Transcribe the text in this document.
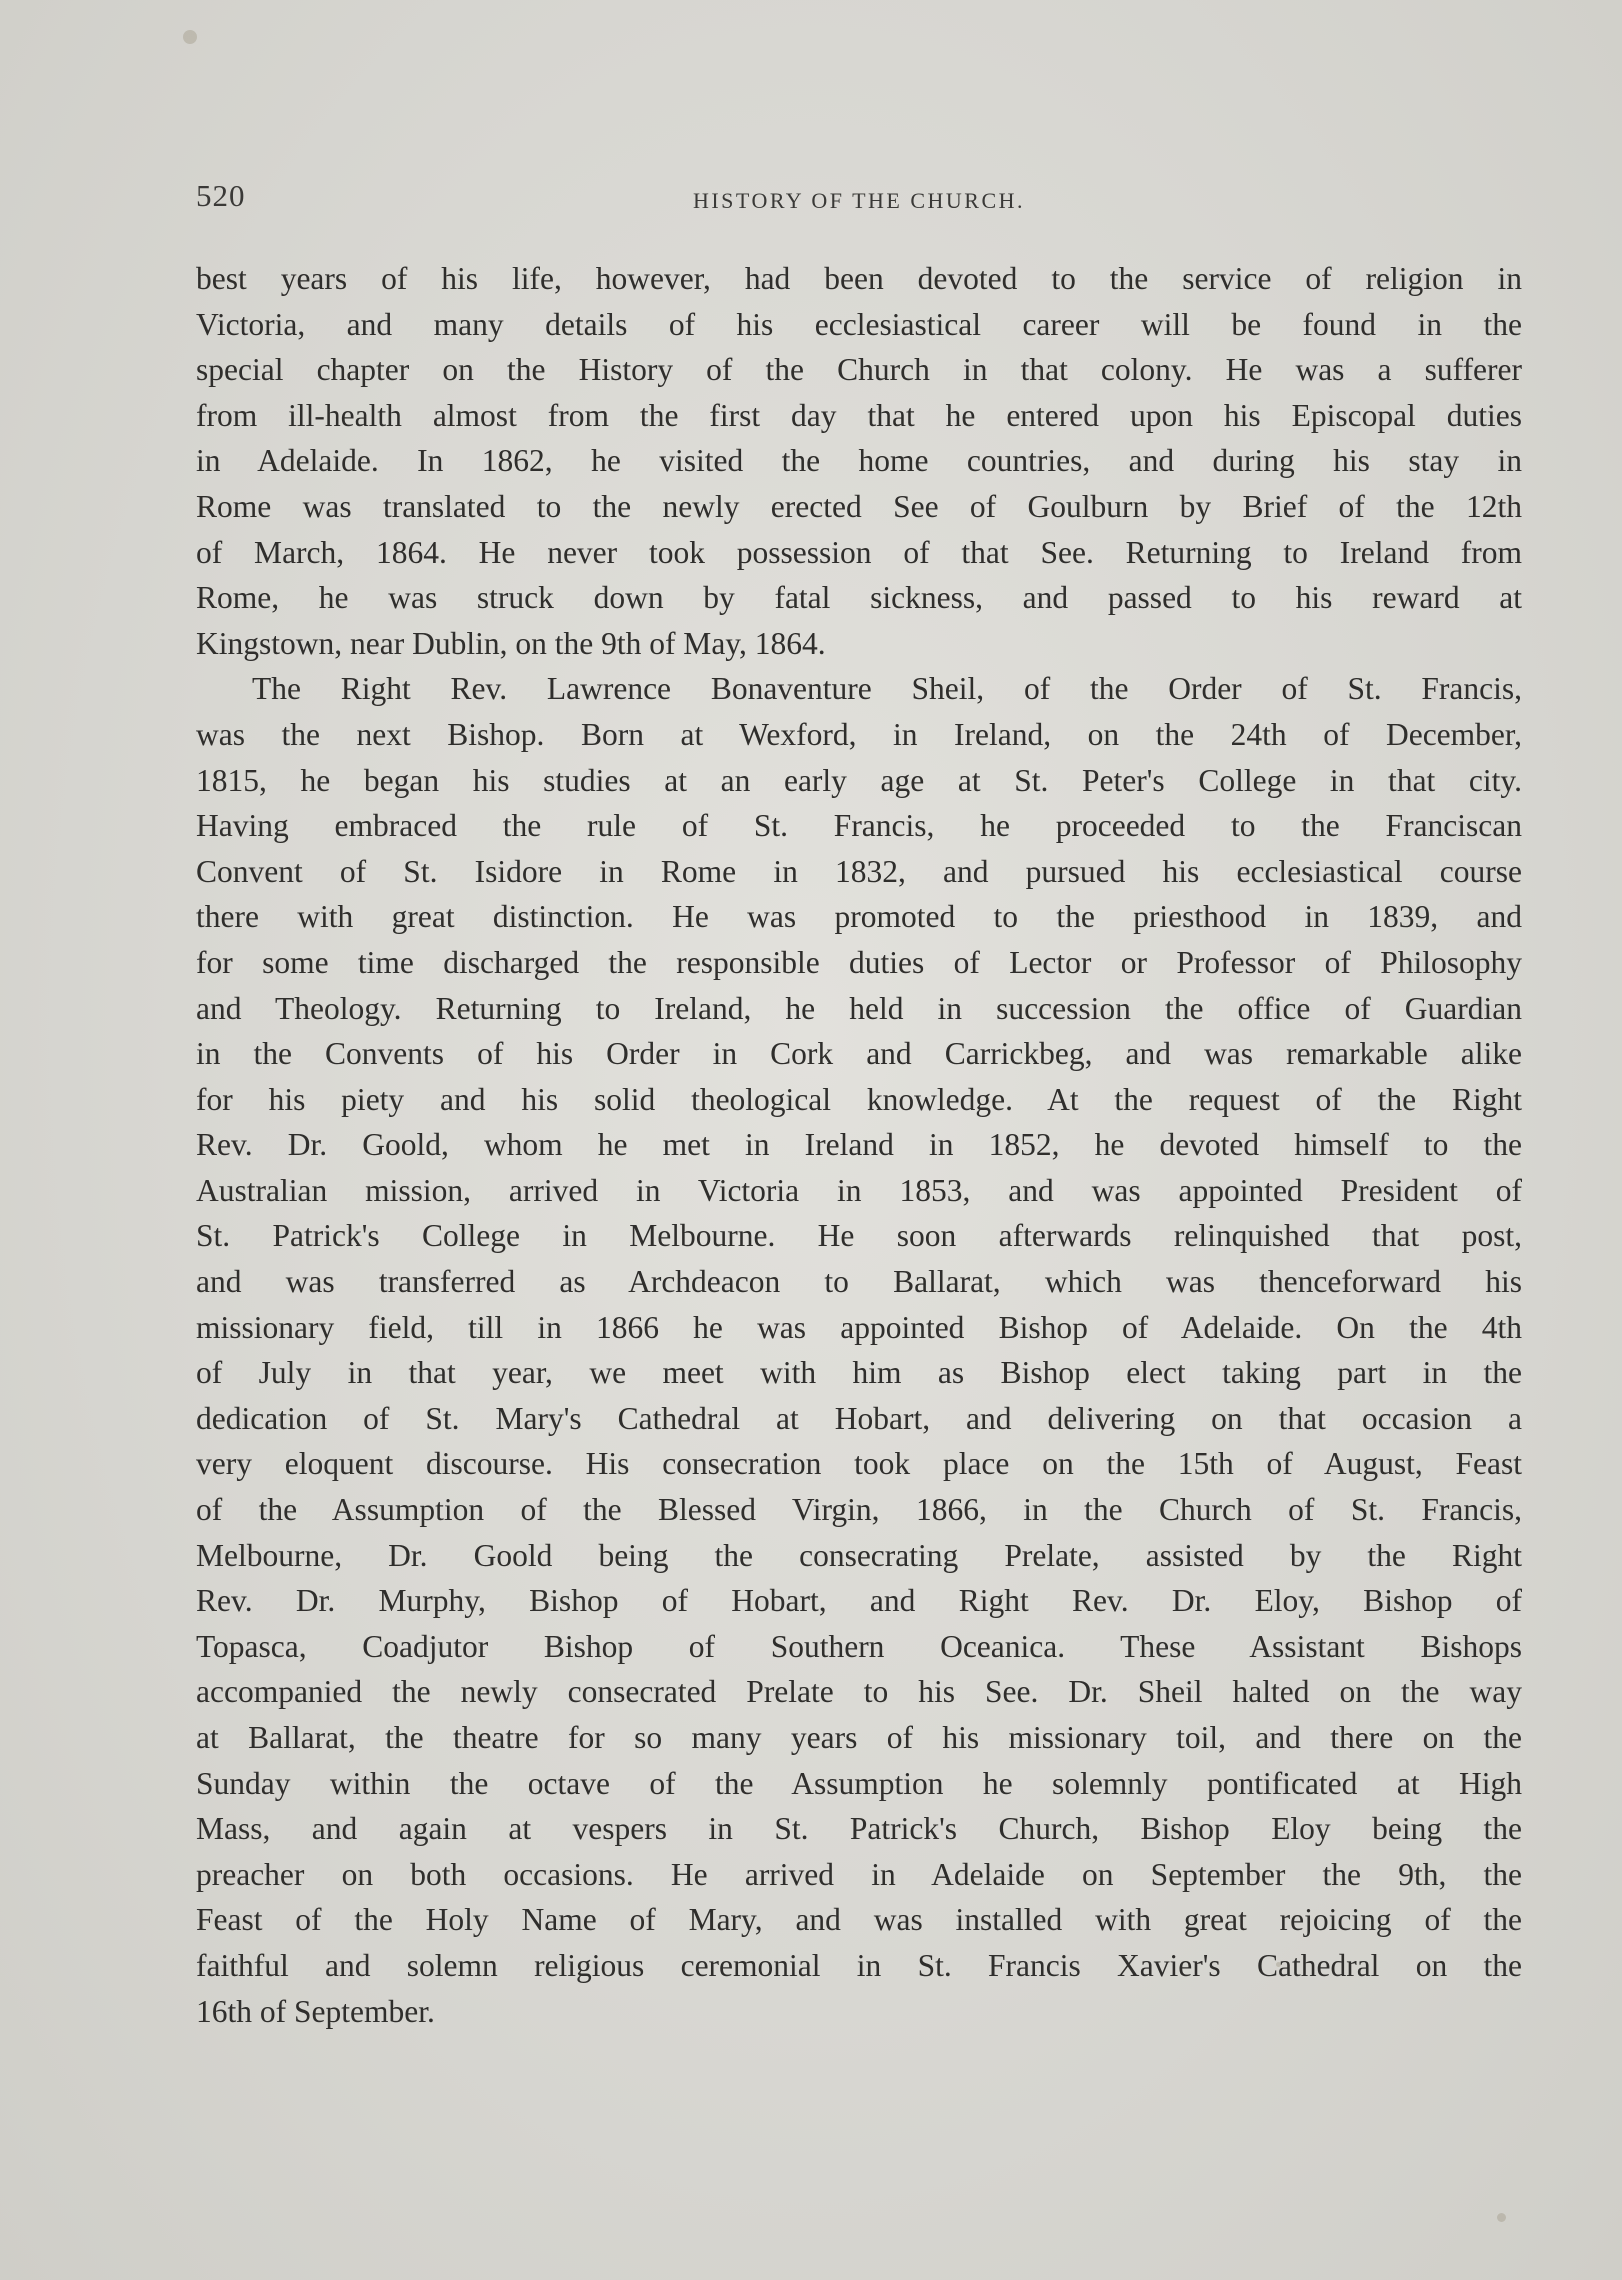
520	HISTORY OF THE CHURCH.
best years of his life, however, had been devoted to the service of religion in
Victoria, and many details of his ecclesiastical career will be found in the
special chapter on the History of the Church in that colony. He was a sufferer
from ill-health almost from the first day that he entered upon his Episcopal duties
in Adelaide. In 1862, he visited the home countries, and during his stay in
Rome was translated to the newly erected See of Goulburn by Brief of the 12th
of March, 1864. He never took possession of that See. Returning to Ireland from
Rome, he was struck down by fatal sickness, and passed to his reward at
Kingstown, near Dublin, on the 9th of May, 1864.
The Right Rev. Lawrence Bonaventure Sheil, of the Order of St. Francis,
was the next Bishop. Born at Wexford, in Ireland, on the 24th of December,
1815, he began his studies at an early age at St. Peter's College in that city.
Having embraced the rule of St. Francis, he proceeded to the Franciscan
Convent of St. Isidore in Rome in 1832, and pursued his ecclesiastical course
there with great distinction. He was promoted to the priesthood in 1839, and
for some time discharged the responsible duties of Lector or Professor of Philosophy
and Theology. Returning to Ireland, he held in succession the office of Guardian
in the Convents of his Order in Cork and Carrickbeg, and was remarkable alike
for his piety and his solid theological knowledge. At the request of the Right
Rev. Dr. Goold, whom he met in Ireland in 1852, he devoted himself to the
Australian mission, arrived in Victoria in 1853, and was appointed President of
St. Patrick's College in Melbourne. He soon afterwards relinquished that post,
and was transferred as Archdeacon to Ballarat, which was thenceforward his
missionary field, till in 1866 he was appointed Bishop of Adelaide. On the 4th
of July in that year, we meet with him as Bishop elect taking part in the
dedication of St. Mary's Cathedral at Hobart, and delivering on that occasion a
very eloquent discourse. His consecration took place on the 15th of August, Feast
of the Assumption of the Blessed Virgin, 1866, in the Church of St. Francis,
Melbourne, Dr. Goold being the consecrating Prelate, assisted by the Right
Rev. Dr. Murphy, Bishop of Hobart, and Right Rev. Dr. Eloy, Bishop of
Topasca, Coadjutor Bishop of Southern Oceanica. These Assistant Bishops
accompanied the newly consecrated Prelate to his See. Dr. Sheil halted on the way
at Ballarat, the theatre for so many years of his missionary toil, and there on the
Sunday within the octave of the Assumption he solemnly pontificated at High
Mass, and again at vespers in St. Patrick's Church, Bishop Eloy being the
preacher on both occasions. He arrived in Adelaide on September the 9th, the
Feast of the Holy Name of Mary, and was installed with great rejoicing of the
faithful and solemn religious ceremonial in St. Francis Xavier's Cathedral on the
16th of September.
